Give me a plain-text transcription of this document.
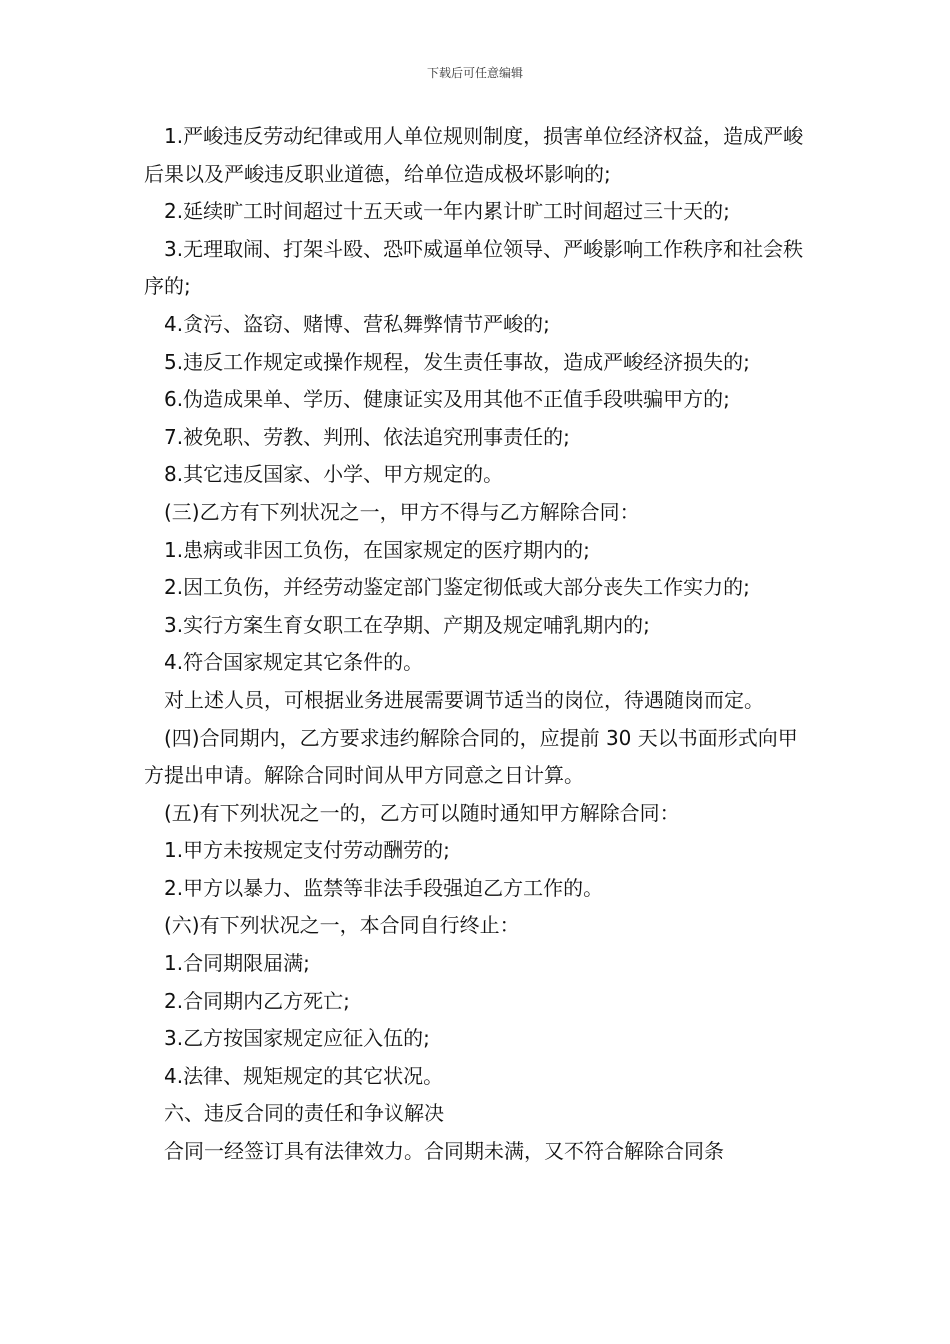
下载后可任意编辑

1.严峻违反劳动纪律或用人单位规则制度，损害单位经济权益，造成严峻后果以及严峻违反职业道德，给单位造成极坏影响的;

2.延续旷工时间超过十五天或一年内累计旷工时间超过三十天的;

3.无理取闹、打架斗殴、恐吓威逼单位领导、严峻影响工作秩序和社会秩序的;

4.贪污、盗窃、赌博、营私舞弊情节严峻的;

5.违反工作规定或操作规程，发生责任事故，造成严峻经济损失的;

6.伪造成果单、学历、健康证实及用其他不正值手段哄骗甲方的;

7.被免职、劳教、判刑、依法追究刑事责任的;

8.其它违反国家、小学、甲方规定的。

(三)乙方有下列状况之一，甲方不得与乙方解除合同：

1.患病或非因工负伤，在国家规定的医疗期内的;

2.因工负伤，并经劳动鉴定部门鉴定彻低或大部分丧失工作实力的;

3.实行方案生育女职工在孕期、产期及规定哺乳期内的;

4.符合国家规定其它条件的。

对上述人员，可根据业务进展需要调节适当的岗位，待遇随岗而定。

(四)合同期内，乙方要求违约解除合同的，应提前 30 天以书面形式向甲方提出申请。解除合同时间从甲方同意之日计算。

(五)有下列状况之一的，乙方可以随时通知甲方解除合同：

1.甲方未按规定支付劳动酬劳的;

2.甲方以暴力、监禁等非法手段强迫乙方工作的。

(六)有下列状况之一，本合同自行终止：

1.合同期限届满;

2.合同期内乙方死亡;

3.乙方按国家规定应征入伍的;

4.法律、规矩规定的其它状况。

六、违反合同的责任和争议解决

合同一经签订具有法律效力。合同期未满，又不符合解除合同条
